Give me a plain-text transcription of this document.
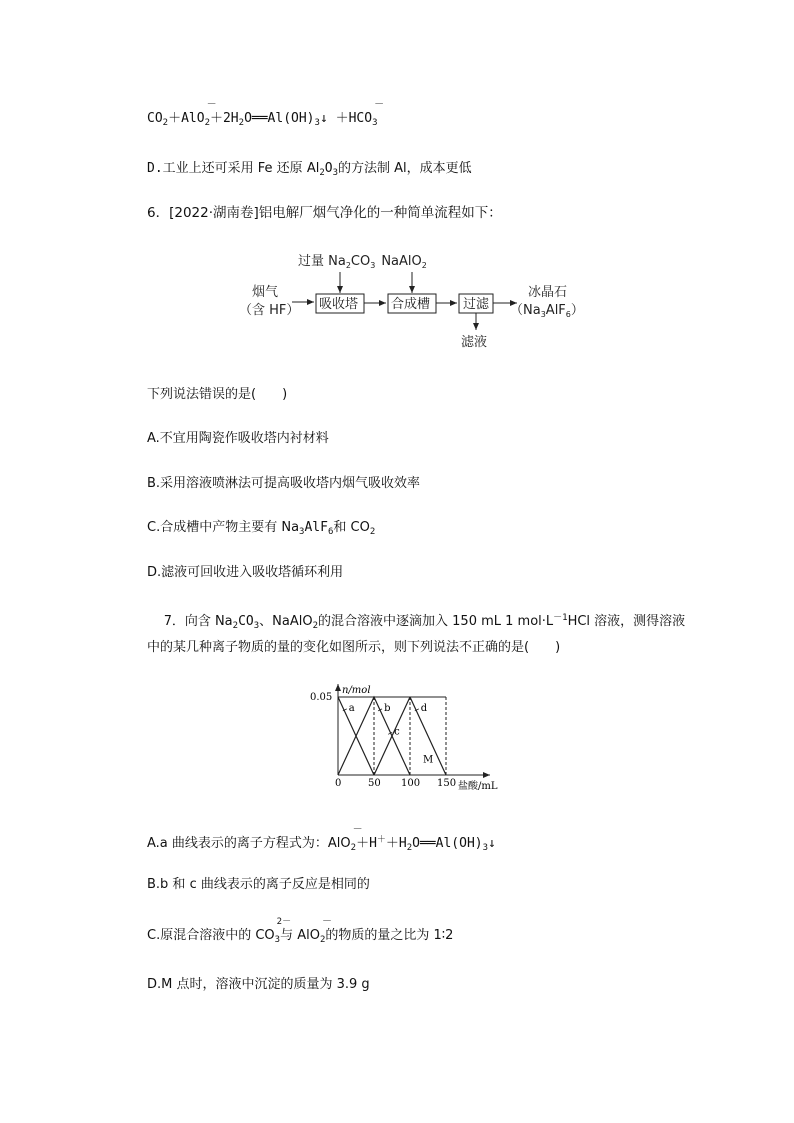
$CO_2+AlO$
－
$_2+2H_2O══Al(OH)_3↓ +HCO$
－
$_3$
D.工业上还可采用 Fe 还原 $Al_2O_3$的方法制 Al，成本更低
6．[2022·湖南卷]铝电解厂烟气净化的一种简单流程如下：
过量 $Na_2CO_3$ NaAlO$_2$
烟气
（含 HF） 吸收塔	合成槽	过滤
冰晶石
$(Na_3AlF_6)$
滤液
下列说法错误的是(　　)
A.不宜用陶瓷作吸收塔内衬材料
B.采用溶液喷淋法可提高吸收塔内烟气吸收效率
C.合成槽中产物主要有 $Na_3AlF_6$和 $CO_2$
D.滤液可回收进入吸收塔循环利用
7．向含 $Na_2CO_3$、NaAlO$_2$的混合溶液中逐滴加入 150 mL 1 $mol\cdot L^{-1}HCl$ 溶液，测得溶液
中的某几种离子物质的量的变化如图所示，则下列说法不正确的是(　　)
n/mol
盐酸/mL
a	b
c
d
M
0	50 100 150
0.05
A.a 曲线表示的离子方程式为：AlO
－
$_2+H^++H_2O══Al(OH)_3↓$
B.b 和 c 曲线表示的离子反应是相同的
C.原混合溶液中的 CO
2－
$_3$与 AlO
－
$_2$的物质的量之比为 1∶2
D.M 点时，溶液中沉淀的质量为 3.9 g
